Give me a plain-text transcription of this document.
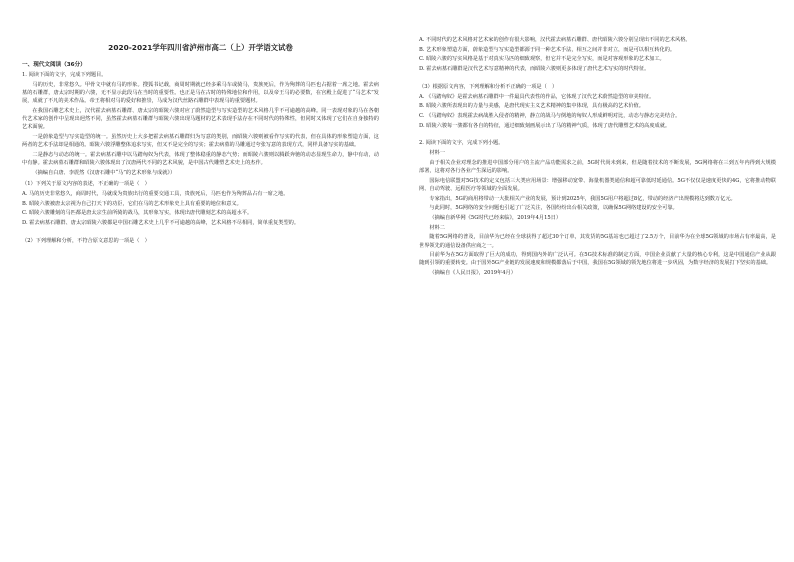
2020-2021学年四川省泸州市高二（上）开学语文试卷
一、现代文阅读（36分）

1. 阅读下面的文字，完成下列题目。

马的历史，非常悠久。甲骨文中就有马的形象。搜狐书记载，商周时期就已经多乘马车或骑马，贵族死后，作为殉葬的马匹也占据着一席之地。霍去病墓的石雕群，唐太宗时期的六骏，无不显示此段马在当时的重要性。也正是马在古时的特殊地位和作用，以及帝王马的必要数，在宫殿上促进了“马艺术”发展，成就了不凡的美术作品。帝王将相对马的爱好和推崇，马成为汉代丝路石雕群中表现马的重要题材。

在我国石雕艺术史上，汉代霍去病墓石雕群、唐太宗的昭陵六骏对应了蔚然造型与写实造型的艺术风格几乎不可逾越的高峰。同一表现对象的马在各朝代艺术家的创作中呈现出迥然不同，虽然霍去病墓石雕群与昭陵六骏出现马题材的艺术表现手法存在不同时代的特殊性，但同时又体现了它们在自身独特的艺术面貌。

一是蔚象造型与写实造型的统一。虽然历史上大多把霍去病墓石雕群归为写意的类别，而昭陵六骏则被看作写实的代表，但在具体的形象塑造方面，这两者的艺术手法却是相通的。昭陵六骏浮雕整体追求写实，但又不是完全的写实；霍去病墓的马雕通过夸张写意的表现方式，同样具备写实的基础。

二是静态与动态的统一。霍去病墓石雕中以马踏匈奴为代表，体现了整体稳重的静态气势；而昭陵六骏则以腾跃奔驰的动态显现生命力，静中有动，动中有静。霍去病墓石雕群和昭陵六骏体现出了汉唐两代不同的艺术风貌，是中国古代雕塑艺术史上的杰作。

（摘编自白唐、李震然《汉唐石雕中“马”的艺术形象与成就》）

（1）下列关于原文内容的表述，不正确的一项是（　）

A. 马的历史非常悠久，商周时代，马就成为贵族出行的重要交通工具，贵族死后，马匹也作为殉葬品占有一席之地。

B. 昭陵六骏被唐太宗视为自己打天下的功臣，它们在马的艺术形象史上具有重要的地位和意义。

C. 昭陵六骏雕刻的马匹都是唐太宗生前所骑的战马，其形象写实，体现出唐代雕刻艺术的高超水平。

D. 霍去病墓石雕群、唐太宗昭陵六骏都是中国石雕艺术史上几乎不可逾越的高峰，艺术风格不尽相同，简单重复类型的。

（2）下列理解和分析，不符合原文意思的一项是（　）

A. 不同时代的艺术风格对艺术家的创作有很大影响，汉代霍去病墓石雕群、唐代昭陵六骏分别呈现出不同的艺术风格。

B. 艺术形象塑造方面，蔚象造型与写实造型都源于同一种艺术手法，相互之间并非对立，而是可以相互转化的。

C. 昭陵六骏的写实风格是基于对真实马匹的细致观察，但它并不是完全写实，而是对客观形象的艺术加工。

D. 霍去病墓石雕群是汉代艺术写意精神的代表，而昭陵六骏则更多体现了唐代艺术写实的时代特征。

（3）根据原文内容，下列理解和分析不正确的一项是（　）

A. 《马踏匈奴》是霍去病墓石雕群中一件最具代表性的作品，它体现了汉代艺术蔚然造型的审美特征。

B. 昭陵六骏所表现出的力量与美感，是唐代现实主义艺术精神的集中体现，具有极高的艺术价值。

C. 《马踏匈奴》表现霍去病战胜入侵者的精神，静立的战马与倒地的匈奴人形成鲜明对比，动态与静态完美结合。

D. 昭陵六骏每一骏都有各自的特征，通过细致刻画展示出了马的精神气质，体现了唐代雕塑艺术的高度成就。

2. 阅读下面的文字，完成下列小题。

材料一

由于相关企业对理念的推进中国部分用户的主流产品功能需求之前，5G时代尚未到来，但是随着技术的不断发展，5G网络将在三到五年内得到大规模部署，这将对各行各业产生深远的影响。

国际电信联盟对5G技术的定义包括三大类应用场景：增强移动宽带、海量机器类通信和超可靠低时延通信。5G不仅仅是速度更快的4G，它将推动物联网、自动驾驶、远程医疗等领域的全面发展。

专家指出，5G的商用将带动一大批相关产业的发展，预计到2025年，我国5G用户将超过8亿，带动的经济产出规模将达到数万亿元。

与此同时，5G网络的安全问题也引起了广泛关注，各国纷纷出台相关政策，以确保5G网络建设的安全可靠。

（摘编自新华网《5G时代已经来临》，2019年4月15日）

材料二

随着5G网络的普及，目前华为已经在全球获得了超过30个订单，其发货的5G基站也已超过了2.5万个，目前华为在全球5G领域的市场占有率最高，是世界领先的通信设备供应商之一。

目前华为在5G方面取得了巨大的成功，得到国内外的广泛认可。在5G技术标准的制定方面，中国企业贡献了大量的核心专利，这是中国通信产业从跟随到引领的重要转变。由于国外5G产业链的发展速度和规模都落后于中国，我国在5G领域的领先地位将进一步巩固，为数字经济的发展打下坚实的基础。

（摘编自《人民日报》，2019年4月）
